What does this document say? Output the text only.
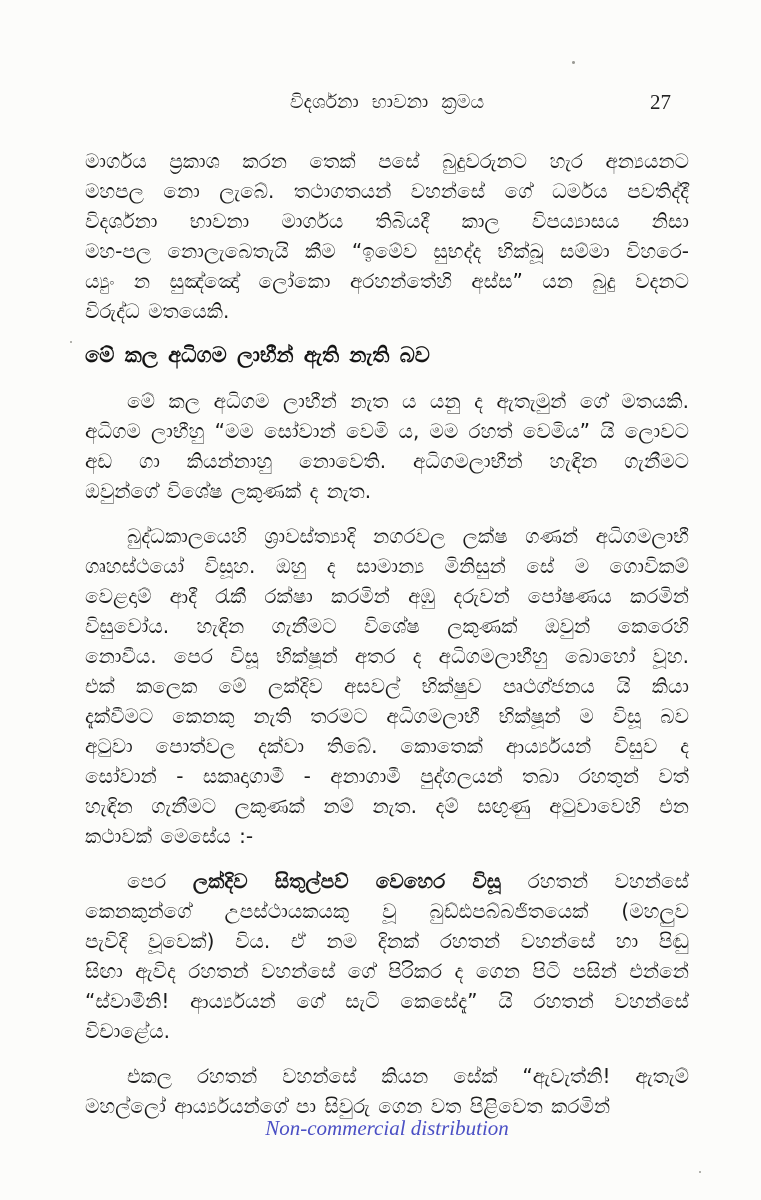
විදර්ශනා භාවනා ක්‍රමය	27
මාර්ගය ප්‍රකාශ කරන තෙක් පසේ බුදුවරුනට හැර අන්‍යයනට
මහපල නො ලැබේ. තථාගතයන් වහන්සේ ගේ ධර්මය පවතිද්දී
විදර්ශනා භාවනා මාර්ගය තිබියදී කාල විපය්‍යාසය නිසා
මහ-පල නොලැබෙතැයි කීම “ඉමේව සුභද්ද භික්ඛූ සම්මා විහරෙ-
ය්‍යුං න සුඤ්ඤෝ ලෝකො අරහන්තේහි අස්ස” යන බුදු වදනට
විරුද්ධ මතයෙකි.
මේ කල අධිගම ලාභීන් ඇති නැති බව
මේ කල අධිගම ලාභීන් නැත ය යනු ද ඇතැමුන් ගේ මතයකි.
අධිගම ලාභීහු “මම සෝවාන් වෙමි ය, මම රහත් වෙමිය” යි ලොවට
අඩ ගා කියන්නාහු නොවෙති. අධිගමලාභීන් හැඳින ගැනීමට
ඔවුන්ගේ විශේෂ ලකුණක් ද නැත.
බුද්ධකාලයෙහි ශ්‍රාවස්ත්‍යාදි නගරවල ලක්ෂ ගණන් අධිගමලාභී
ගෘහස්ථයෝ විසූහ. ඔහු ද සාමාන්‍ය මිනිසුන් සේ ම ගොවිකම්
වෙළදාම් ආදී රැකී රක්ෂා කරමින් අඹු දරුවන් පෝෂණය කරමින්
විසුවෝය. හැඳින ගැනීමට විශේෂ ලකුණක් ඔවුන් කෙරෙහි
නොවීය. පෙර විසූ භික්ෂූන් අතර ද අධිගමලාභීහු බොහෝ වූහ.
එක් කලෙක මේ ලක්දිව අසවල් භික්ෂුව පෘථග්ජනය යි කියා
දැක්වීමට කෙනකු නැති තරමට අධිගමලාභී භික්ෂූන් ම විසූ බව
අටුවා පොත්වල දක්වා තිබේ. කොතෙක් ආර්ය්‍යයන් විසුව ද
සෝවාන් - සකෘදාගාමී - අනාගාමී පුද්ගලයන් තබා රහතුන් වත්
හැඳින ගැනීමට ලකුණක් නම් නැත. දම් සඟුණු අටුවාවෙහි එන
කථාවක් මෙසේය :-
පෙර ලක්දිව සිතුල්පව් වෙහෙර විසූ රහතන් වහන්සේ
කෙනකුන්ගේ උපස්ථායකයකු වූ බුඩ්ඪපබ්බජිතයෙක් (මහලුව
පැවිදි වූවෙක්) විය. ඒ නම දිනක් රහතන් වහන්සේ හා පිඬු
සිඟා ඇවිද රහතන් වහන්සේ ගේ පිරිකර ද ගෙන පිටි පසින් එන්නේ
“ස්වාමීනි! ආර්ය්‍යයන් ගේ සැටි කෙසේදැ” යි රහතන් වහන්සේ
විචාළේය.
එකල රහතන් වහන්සේ කියන සේක් “ඇවැත්නි! ඇතැම්
මහල්ලෝ ආර්ය්‍යයන්ගේ පා සිවුරු ගෙන වත පිළිවෙත කරමින්
Non-commercial distribution
